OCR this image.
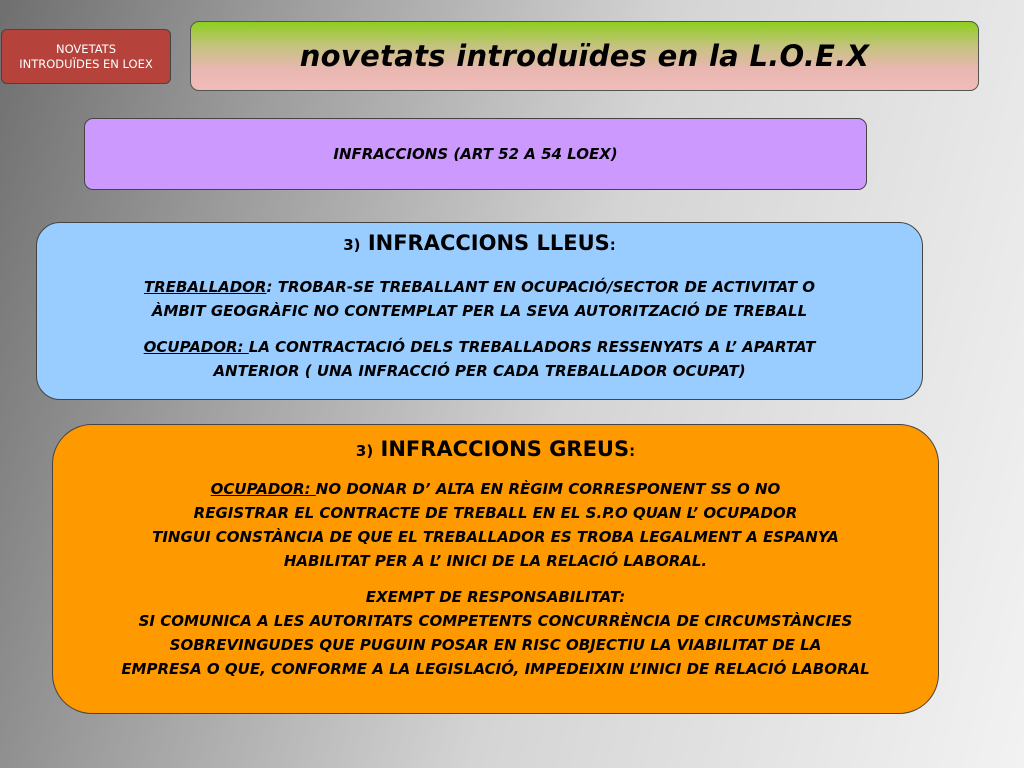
NOVETATS
INTRODUÏDES EN LOEX	novetats introduïdes en la L.O.E.X
INFRACCIONS (ART 52 A 54 LOEX)
3) INFRACCIONS LLEUS:
TREBALLADOR: TROBAR-SE TREBALLANT EN OCUPACIÓ/SECTOR DE ACTIVITAT O
ÀMBIT GEOGRÀFIC NO CONTEMPLAT PER LA SEVA AUTORITZACIÓ DE TREBALL
OCUPADOR: LA CONTRACTACIÓ DELS TREBALLADORS RESSENYATS A L’ APARTAT
ANTERIOR ( UNA INFRACCIÓ PER CADA TREBALLADOR OCUPAT)
3) INFRACCIONS GREUS:
OCUPADOR: NO DONAR D’ ALTA EN RÈGIM CORRESPONENT SS O NO
REGISTRAR EL CONTRACTE DE TREBALL EN EL S.P.O QUAN L’ OCUPADOR
TINGUI CONSTÀNCIA DE QUE EL TREBALLADOR ES TROBA LEGALMENT A ESPANYA
HABILITAT PER A L’ INICI DE LA RELACIÓ LABORAL.
EXEMPT DE RESPONSABILITAT:
SI COMUNICA A LES AUTORITATS COMPETENTS CONCURRÈNCIA DE CIRCUMSTÀNCIES
SOBREVINGUDES QUE PUGUIN POSAR EN RISC OBJECTIU LA VIABILITAT DE LA
EMPRESA O QUE, CONFORME A LA LEGISLACIÓ, IMPEDEIXIN L’INICI DE RELACIÓ LABORAL
